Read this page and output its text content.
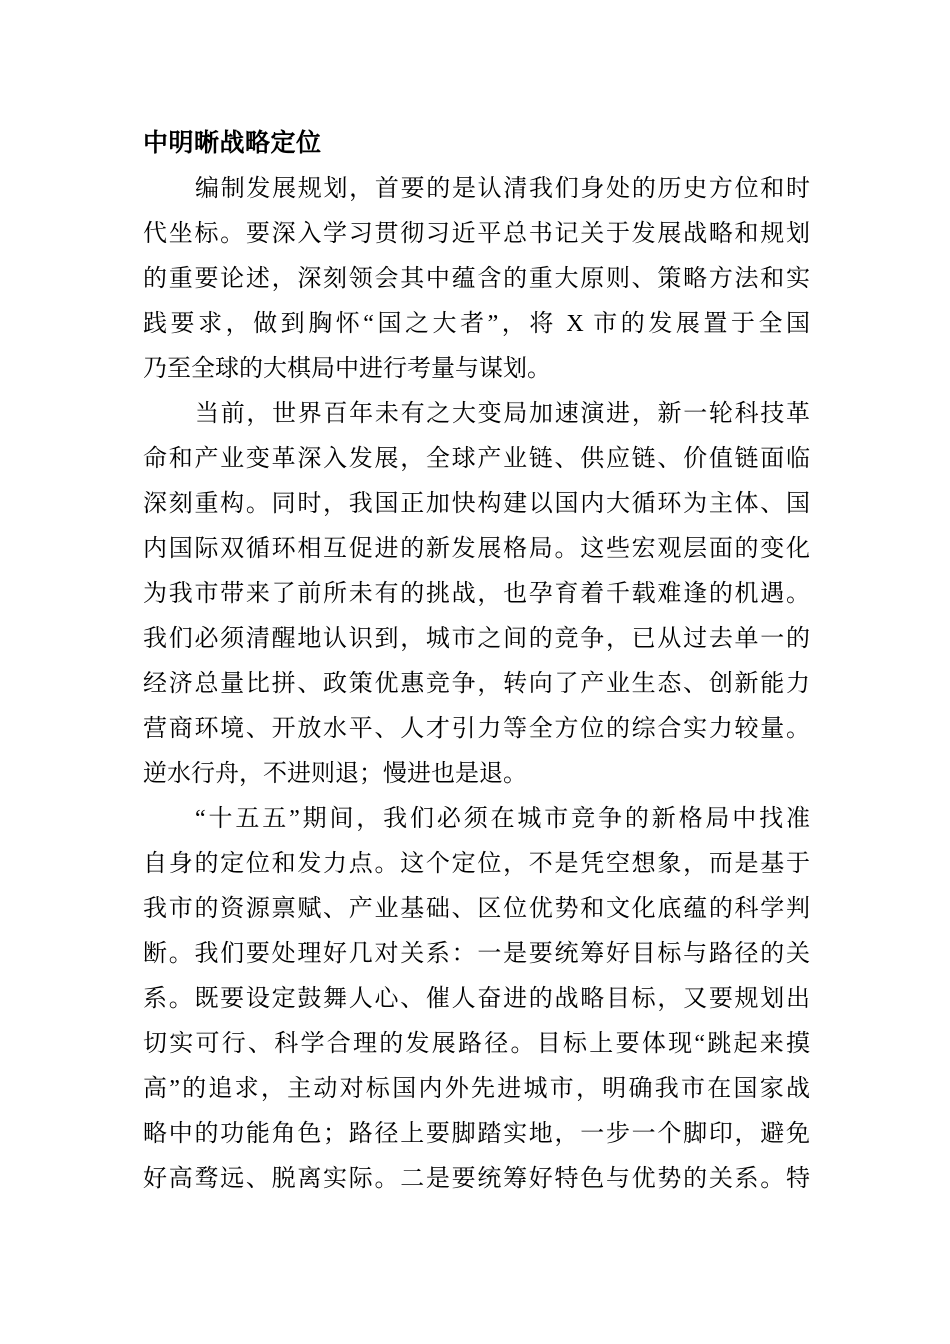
中明晰战略定位
编制发展规划，首要的是认清我们身处的历史方位和时
代坐标。要深入学习贯彻习近平总书记关于发展战略和规划
的重要论述，深刻领会其中蕴含的重大原则、策略方法和实
践要求，做到胸怀“国之大者”，将 X 市的发展置于全国
乃至全球的大棋局中进行考量与谋划。
当前，世界百年未有之大变局加速演进，新一轮科技革
命和产业变革深入发展，全球产业链、供应链、价值链面临
深刻重构。同时，我国正加快构建以国内大循环为主体、国
内国际双循环相互促进的新发展格局。这些宏观层面的变化
为我市带来了前所未有的挑战，也孕育着千载难逢的机遇。
我们必须清醒地认识到，城市之间的竞争，已从过去单一的
经济总量比拼、政策优惠竞争，转向了产业生态、创新能力
营商环境、开放水平、人才引力等全方位的综合实力较量。
逆水行舟，不进则退；慢进也是退。
“十五五”期间，我们必须在城市竞争的新格局中找准
自身的定位和发力点。这个定位，不是凭空想象，而是基于
我市的资源禀赋、产业基础、区位优势和文化底蕴的科学判
断。我们要处理好几对关系：一是要统筹好目标与路径的关
系。既要设定鼓舞人心、催人奋进的战略目标，又要规划出
切实可行、科学合理的发展路径。目标上要体现“跳起来摸
高”的追求，主动对标国内外先进城市，明确我市在国家战
略中的功能角色；路径上要脚踏实地，一步一个脚印，避免
好高骛远、脱离实际。二是要统筹好特色与优势的关系。特
